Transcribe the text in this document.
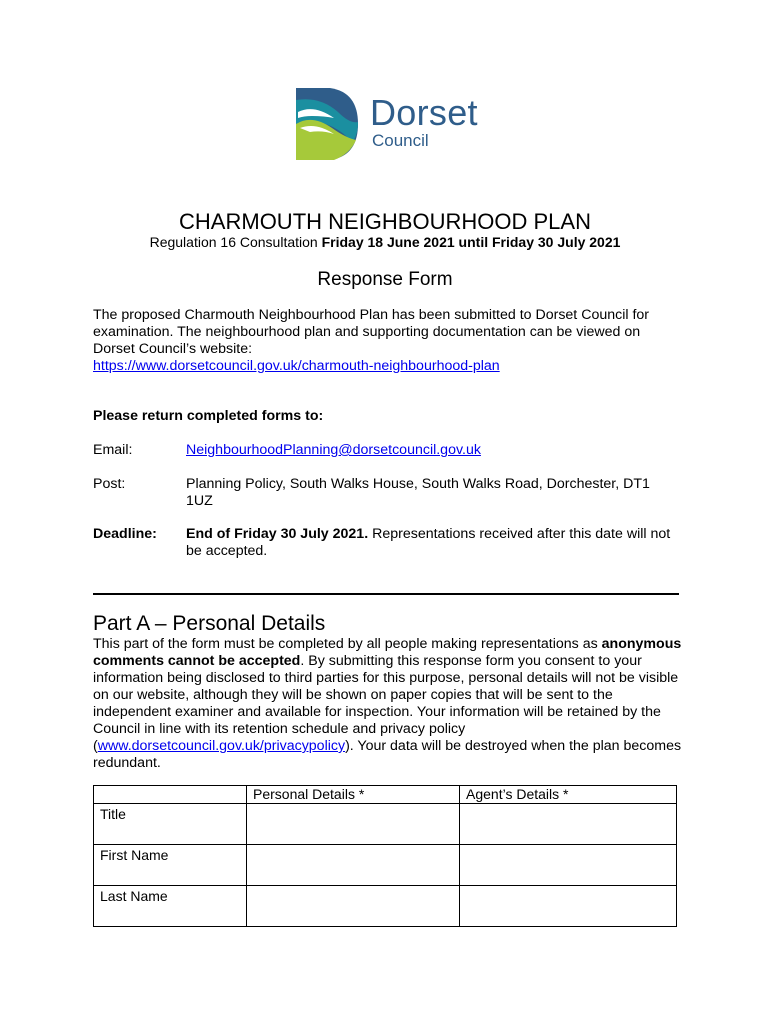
Dorset
Council
CHARMOUTH NEIGHBOURHOOD PLAN
Regulation 16 Consultation Friday 18 June 2021 until Friday 30 July 2021
Response Form
The proposed Charmouth Neighbourhood Plan has been submitted to Dorset Council for examination. The neighbourhood plan and supporting documentation can be viewed on Dorset Council’s website:
https://www.dorsetcouncil.gov.uk/charmouth-neighbourhood-plan
Please return completed forms to:
Email:	NeighbourhoodPlanning@dorsetcouncil.gov.uk
Post:	Planning Policy, South Walks House, South Walks Road, Dorchester, DT1 1UZ
Deadline: End of Friday 30 July 2021. Representations received after this date will not be accepted.
Part A – Personal Details
This part of the form must be completed by all people making representations as anonymous comments cannot be accepted. By submitting this response form you consent to your information being disclosed to third parties for this purpose, personal details will not be visible on our website, although they will be shown on paper copies that will be sent to the independent examiner and available for inspection. Your information will be retained by the Council in line with its retention schedule and privacy policy (www.dorsetcouncil.gov.uk/privacypolicy). Your data will be destroyed when the plan becomes redundant.
	Personal Details *	Agent’s Details *
Title		
First Name		
Last Name		
